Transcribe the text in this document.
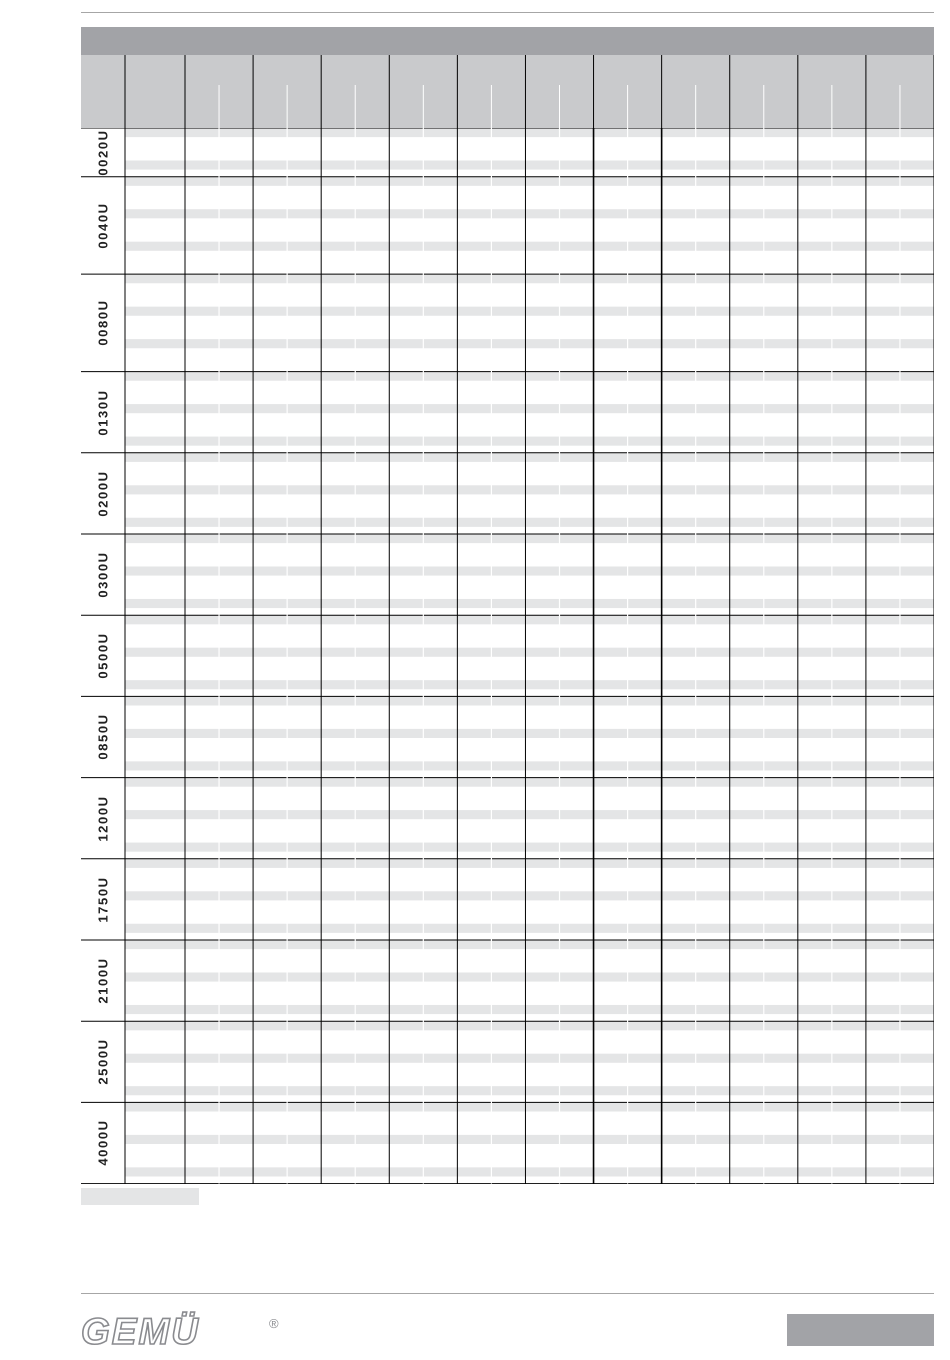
0020U
0040U
0080U
0130U
0200U
0300U
0500U
0850U
1200U
1750U
2100U
2500U
4000U
GEMÜ	®
